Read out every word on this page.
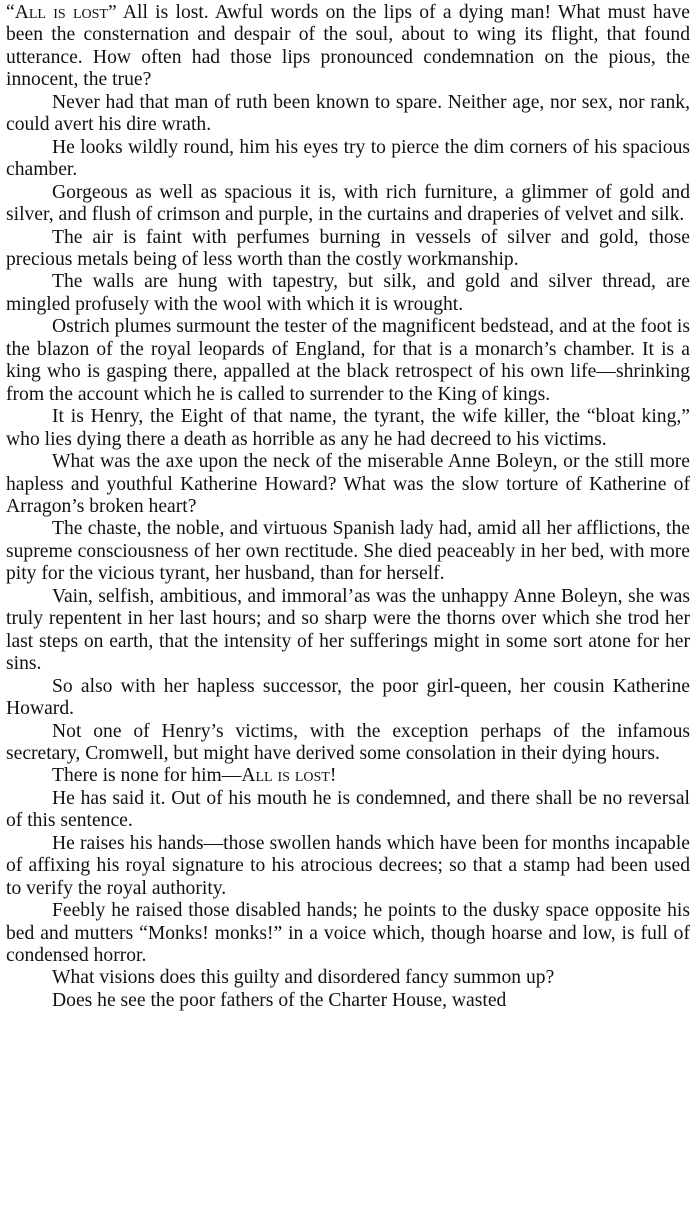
“All is lost” All is lost. Awful words on the lips of a dying man! What must have been the consternation and despair of the soul, about to wing its flight, that found utterance. How often had those lips pronounced condemnation on the pious, the innocent, the true?

Never had that man of ruth been known to spare. Neither age, nor sex, nor rank, could avert his dire wrath.

He looks wildly round, him his eyes try to pierce the dim corners of his spacious chamber.

Gorgeous as well as spacious it is, with rich furniture, a glimmer of gold and silver, and flush of crimson and purple, in the curtains and draperies of velvet and silk.

The air is faint with perfumes burning in vessels of silver and gold, those precious metals being of less worth than the costly workmanship.

The walls are hung with tapestry, but silk, and gold and silver thread, are mingled profusely with the wool with which it is wrought.

Ostrich plumes surmount the tester of the magnificent bedstead, and at the foot is the blazon of the royal leopards of England, for that is a monarch’s chamber. It is a king who is gasping there, appalled at the black retrospect of his own life—shrinking from the account which he is called to surrender to the King of kings.

It is Henry, the Eight of that name, the tyrant, the wife killer, the “bloat king,” who lies dying there a death as horrible as any he had decreed to his victims.

What was the axe upon the neck of the miserable Anne Boleyn, or the still more hapless and youthful Katherine Howard? What was the slow torture of Katherine of Arragon’s broken heart?

The chaste, the noble, and virtuous Spanish lady had, amid all her afflictions, the supreme consciousness of her own rectitude. She died peaceably in her bed, with more pity for the vicious tyrant, her husband, than for herself.

Vain, selfish, ambitious, and immoral’as was the unhappy Anne Boleyn, she was truly repentent in her last hours; and so sharp were the thorns over which she trod her last steps on earth, that the intensity of her sufferings might in some sort atone for her sins.

So also with her hapless successor, the poor girl-queen, her cousin Katherine Howard.

Not one of Henry’s victims, with the exception perhaps of the infamous secretary, Cromwell, but might have derived some consolation in their dying hours.

There is none for him—All is lost!

He has said it. Out of his mouth he is condemned, and there shall be no reversal of this sentence.

He raises his hands—those swollen hands which have been for months incapable of affixing his royal signature to his atrocious decrees; so that a stamp had been used to verify the royal authority.

Feebly he raised those disabled hands; he points to the dusky space opposite his bed and mutters “Monks! monks!” in a voice which, though hoarse and low, is full of condensed horror.

What visions does this guilty and disordered fancy summon up?

Does he see the poor fathers of the Charter House, wasted
